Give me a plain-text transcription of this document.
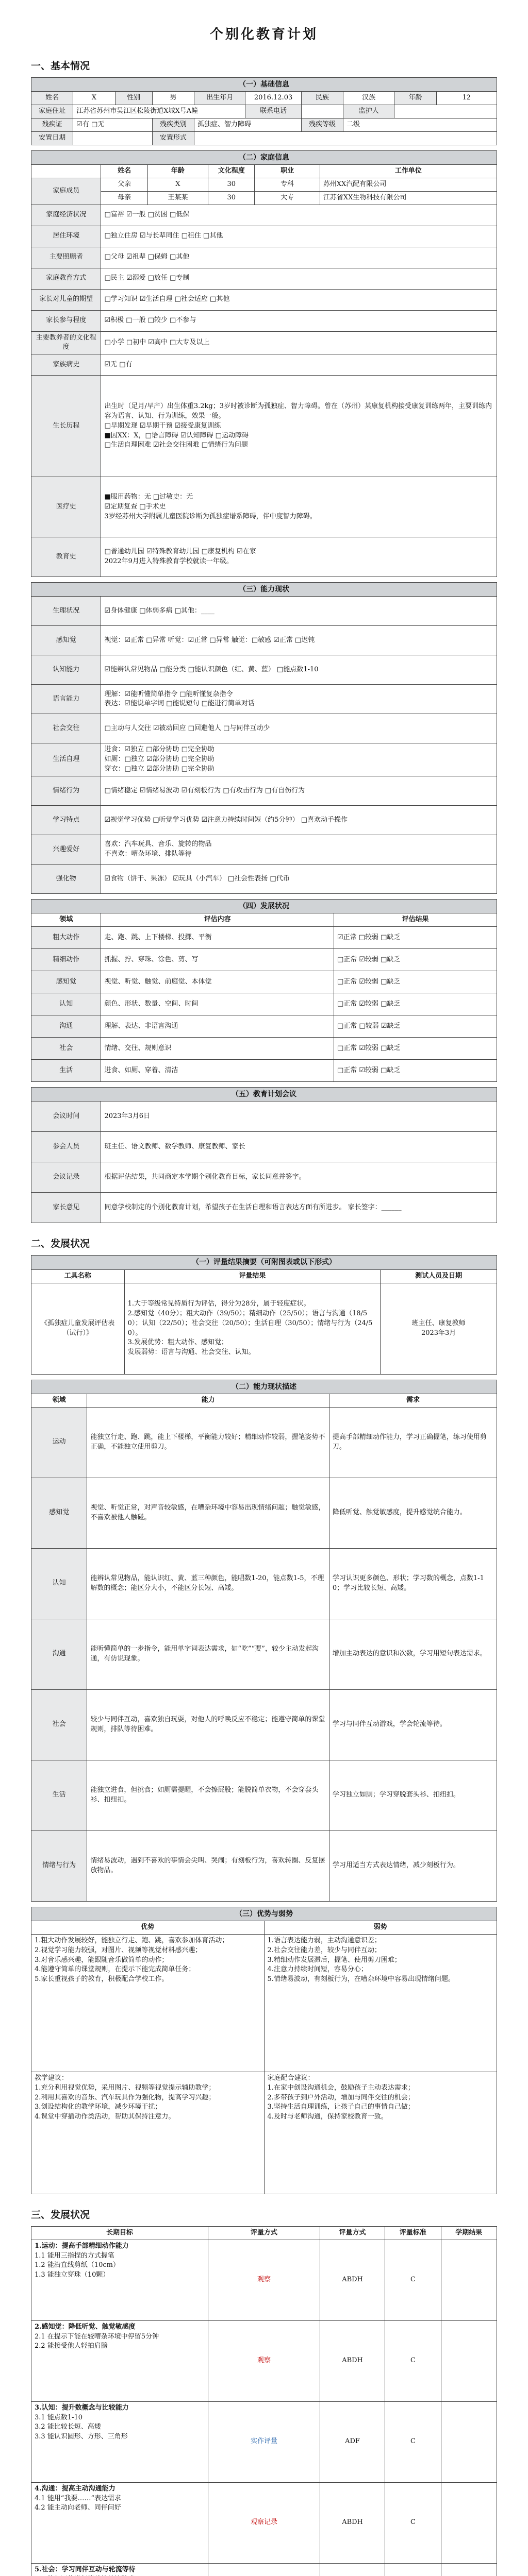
个别化教育计划
一、基本情况
（一）基础信息									
姓名	X	性别	男	出生年月	2016.12.03	民族	汉族	年龄	12
家庭住址	江苏省苏州市吴江区松陵街道X城X号A幢				联系电话		监护人		
残疾证	☑有 □无		残疾类别	孤独症、智力障碍		残疾等级	二级		
安置日期			安置形式						
（二）家庭信息					
	姓名	年龄	文化程度	职业	工作单位
家庭成员	父亲	X	30	专科	苏州XX汽配有限公司
	母亲	王某某	30	大专	江苏省XX生物科技有限公司
家庭经济状况	□富裕 ☑一般 □贫困 □低保				
居住环境	□独立住房 ☑与长辈同住 □租住 □其他				
主要照顾者	□父母 ☑祖辈 □保姆 □其他				
家庭教育方式	□民主 ☑溺爱 □放任 □专制				
家长对儿童的期望	□学习知识 ☑生活自理 □社会适应 □其他				
家长参与程度	☑积极 □一般 □较少 □不参与				
主要教养者的文化程度	□小学 □初中 ☑高中 □大专及以上				
家族病史	☑无 □有				
生长历程	出生时（足月/早产）出生体重3.2kg；3岁时被诊断为孤独症、智力障碍。曾在（苏州）某康复机构接受康复训练两年，主要训练内容为语言、认知、行为训练，效果一般。
□早期发现 ☑早期干预 ☑接受康复训练
■因XX：X，□语言障碍 ☑认知障碍 □运动障碍
□生活自理困难 ☑社会交往困难 □情绪行为问题				
医疗史	■服用药物：无 □过敏史：无
☑定期复查 □手术史
3岁经苏州大学附属儿童医院诊断为孤独症谱系障碍，伴中度智力障碍。				
教育史	□普通幼儿园 ☑特殊教育幼儿园 □康复机构 ☑在家
2022年9月进入特殊教育学校就读一年级。				
（三）能力现状	
生理状况	☑身体健康 □体弱多病 □其他：____
感知觉	视觉：☑正常 □异常 听觉：☑正常 □异常 触觉：□敏感 ☑正常 □迟钝
认知能力	☑能辨认常见物品 □能分类 □能认识颜色（红、黄、蓝） □能点数1-10
语言能力	理解：☑能听懂简单指令 □能听懂复杂指令
表达：☑能说单字词 □能说短句 □能进行简单对话
社会交往	□主动与人交往 ☑被动回应 □回避他人 □与同伴互动少
生活自理	进食：☑独立 □部分协助 □完全协助
如厕：□独立 ☑部分协助 □完全协助
穿衣：□独立 ☑部分协助 □完全协助
情绪行为	□情绪稳定 ☑情绪易波动 ☑有刻板行为 □有攻击行为 □有自伤行为
学习特点	☑视觉学习优势 □听觉学习优势 ☑注意力持续时间短（约5分钟） □喜欢动手操作
兴趣爱好	喜欢：汽车玩具、音乐、旋转的物品
不喜欢：嘈杂环境、排队等待
强化物	☑食物（饼干、果冻） ☑玩具（小汽车） □社会性表扬 □代币
（四）发展状况		
领域	评估内容	评估结果
粗大动作	走、跑、跳、上下楼梯、投掷、平衡	☑正常 □较弱 □缺乏
精细动作	抓握、拧、穿珠、涂色、剪、写	□正常 ☑较弱 □缺乏
感知觉	视觉、听觉、触觉、前庭觉、本体觉	□正常 ☑较弱 □缺乏
认知	颜色、形状、数量、空间、时间	□正常 ☑较弱 □缺乏
沟通	理解、表达、非语言沟通	□正常 □较弱 ☑缺乏
社会	情绪、交往、规则意识	□正常 ☑较弱 □缺乏
生活	进食、如厕、穿着、清洁	□正常 ☑较弱 □缺乏
（五）教育计划会议	
会议时间	2023年3月6日
参会人员	班主任、语文教师、数学教师、康复教师、家长
会议记录	根据评估结果，共同商定本学期个别化教育目标，家长同意并签字。
家长意见	同意学校制定的个别化教育计划，希望孩子在生活自理和语言表达方面有所进步。 家长签字：______
二、发展状况
（一）评量结果摘要（可附图表或以下形式）		
工具名称	评量结果	测试人员及日期
《孤独症儿童发展评估表（试行）》	1.大于等级常见特质行为评估，得分为28分，属于轻度症状。
2.感知觉（40分）；粗大动作（39/50）；精细动作（25/50）；语言与沟通（18/50）；认知（22/50）；社会交往（20/50）；生活自理（30/50）；情绪与行为（24/50）。
3.发展优势：粗大动作、感知觉；
发展弱势：语言与沟通、社会交往、认知。	班主任、康复教师
2023年3月
（二）能力现状描述		
领域	能力	需求
运动	能独立行走、跑、跳，能上下楼梯，平衡能力较好；精细动作较弱，握笔姿势不正确，不能独立使用剪刀。	提高手部精细动作能力，学习正确握笔，练习使用剪刀。
感知觉	视觉、听觉正常，对声音较敏感，在嘈杂环境中容易出现情绪问题；触觉敏感，不喜欢被他人触碰。	降低听觉、触觉敏感度，提升感觉统合能力。
认知	能辨认常见物品，能认识红、黄、蓝三种颜色，能唱数1-20，能点数1-5，不理解数的概念；能区分大小，不能区分长短、高矮。	学习认识更多颜色、形状；学习数的概念，点数1-10；学习比较长短、高矮。
沟通	能听懂简单的一步指令，能用单字词表达需求，如“吃”“要”，较少主动发起沟通，有仿说现象。	增加主动表达的意识和次数，学习用短句表达需求。
社会	较少与同伴互动，喜欢独自玩耍，对他人的呼唤反应不稳定；能遵守简单的课堂规则，排队等待困难。	学习与同伴互动游戏，学会轮流等待。
生活	能独立进食，但挑食；如厕需提醒，不会擦屁股；能脱简单衣物，不会穿套头衫、扣纽扣。	学习独立如厕；学习穿脱套头衫、扣纽扣。
情绪与行为	情绪易波动，遇到不喜欢的事情会尖叫、哭闹；有刻板行为，喜欢转圈、反复摆放物品。	学习用适当方式表达情绪，减少刻板行为。
（三）优势与弱势	
优势	弱势
1.粗大动作发展较好，能独立行走、跑、跳，喜欢参加体育活动；
2.视觉学习能力较强，对图片、视频等视觉材料感兴趣；
3.对音乐感兴趣，能跟随音乐做简单的动作；
4.能遵守简单的课堂规则，在提示下能完成简单任务；
5.家长重视孩子的教育，积极配合学校工作。	1.语言表达能力弱，主动沟通意识差；
2.社会交往能力差，较少与同伴互动；
3.精细动作发展滞后，握笔、使用剪刀困难；
4.注意力持续时间短，容易分心；
5.情绪易波动，有刻板行为，在嘈杂环境中容易出现情绪问题。
教学建议：
1.充分利用视觉优势，采用图片、视频等视觉提示辅助教学；
2.利用其喜欢的音乐、汽车玩具作为强化物，提高学习兴趣；
3.创设结构化的教学环境，减少环境干扰；
4.课堂中穿插动作类活动，帮助其保持注意力。	家庭配合建议：
1.在家中创设沟通机会，鼓励孩子主动表达需求；
2.多带孩子到户外活动，增加与同伴交往的机会；
3.坚持生活自理训练，让孩子自己的事情自己做；
4.及时与老师沟通，保持家校教育一致。
三、发展状况
长期目标	评量方式	评量方式	评量标准	学期结果

1.运动：提高手部精细动作能力
1.1 能用三指捏的方式握笔
1.2 能沿直线剪纸（10cm）
1.3 能独立穿珠（10颗）	观察	ABDH	C	

2.感知觉：降低听觉、触觉敏感度
2.1 在提示下能在较嘈杂环境中停留5分钟
2.2 能接受他人轻拍肩膀	观察	ABDH	C	

3.认知：提升数概念与比较能力
3.1 能点数1-10
3.2 能比较长短、高矮
3.3 能认识圆形、方形、三角形	实作评量	ADF	C	

4.沟通：提高主动沟通能力
4.1 能用“我要……”表达需求
4.2 能主动向老师、同伴问好	观察记录	ABDH	C	

5.社会：学习同伴互动与轮流等待
